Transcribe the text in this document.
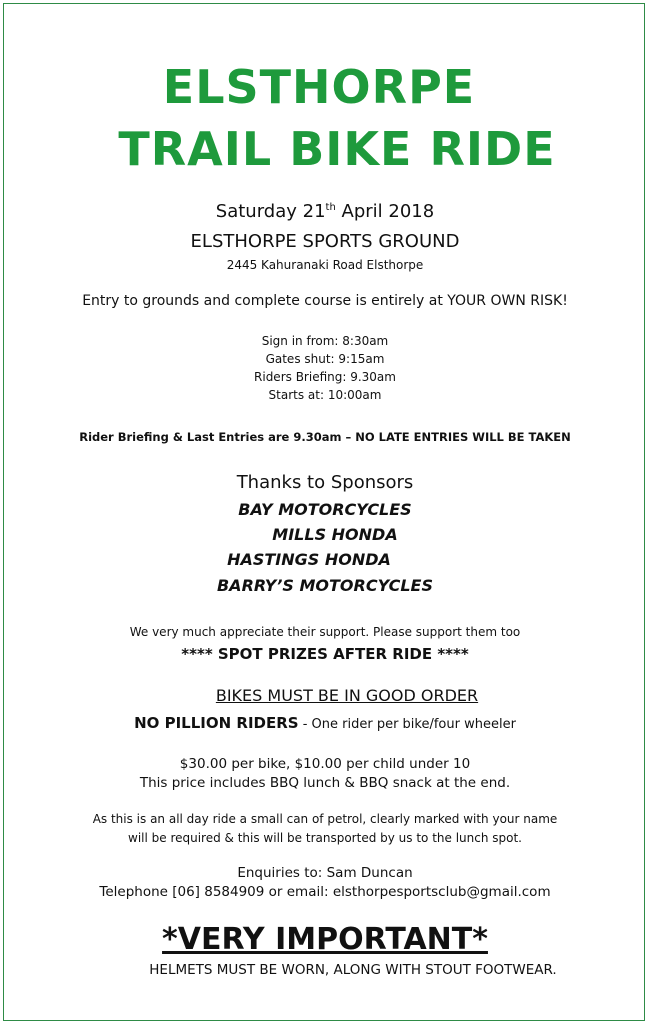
ELSTHORPE
TRAIL BIKE RIDE
Saturday 21th April 2018
ELSTHORPE SPORTS GROUND
2445 Kahuranaki Road Elsthorpe
Entry to grounds and complete course is entirely at YOUR OWN RISK!
Sign in from: 8:30am
Gates shut: 9:15am
Riders Briefing: 9.30am
Starts at: 10:00am
Rider Briefing & Last Entries are 9.30am – NO LATE ENTRIES WILL BE TAKEN
Thanks to Sponsors
BAY MOTORCYCLES
MILLS HONDA
HASTINGS HONDA
BARRY’S MOTORCYCLES
We very much appreciate their support. Please support them too
**** SPOT PRIZES AFTER RIDE ****
BIKES MUST BE IN GOOD ORDER
NO PILLION RIDERS - One rider per bike/four wheeler
$30.00 per bike, $10.00 per child under 10
This price includes BBQ lunch & BBQ snack at the end.
As this is an all day ride a small can of petrol, clearly marked with your name
will be required & this will be transported by us to the lunch spot.
Enquiries to: Sam Duncan
Telephone [06] 8584909 or email: elsthorpesportsclub@gmail.com
*VERY IMPORTANT*
HELMETS MUST BE WORN, ALONG WITH STOUT FOOTWEAR.
